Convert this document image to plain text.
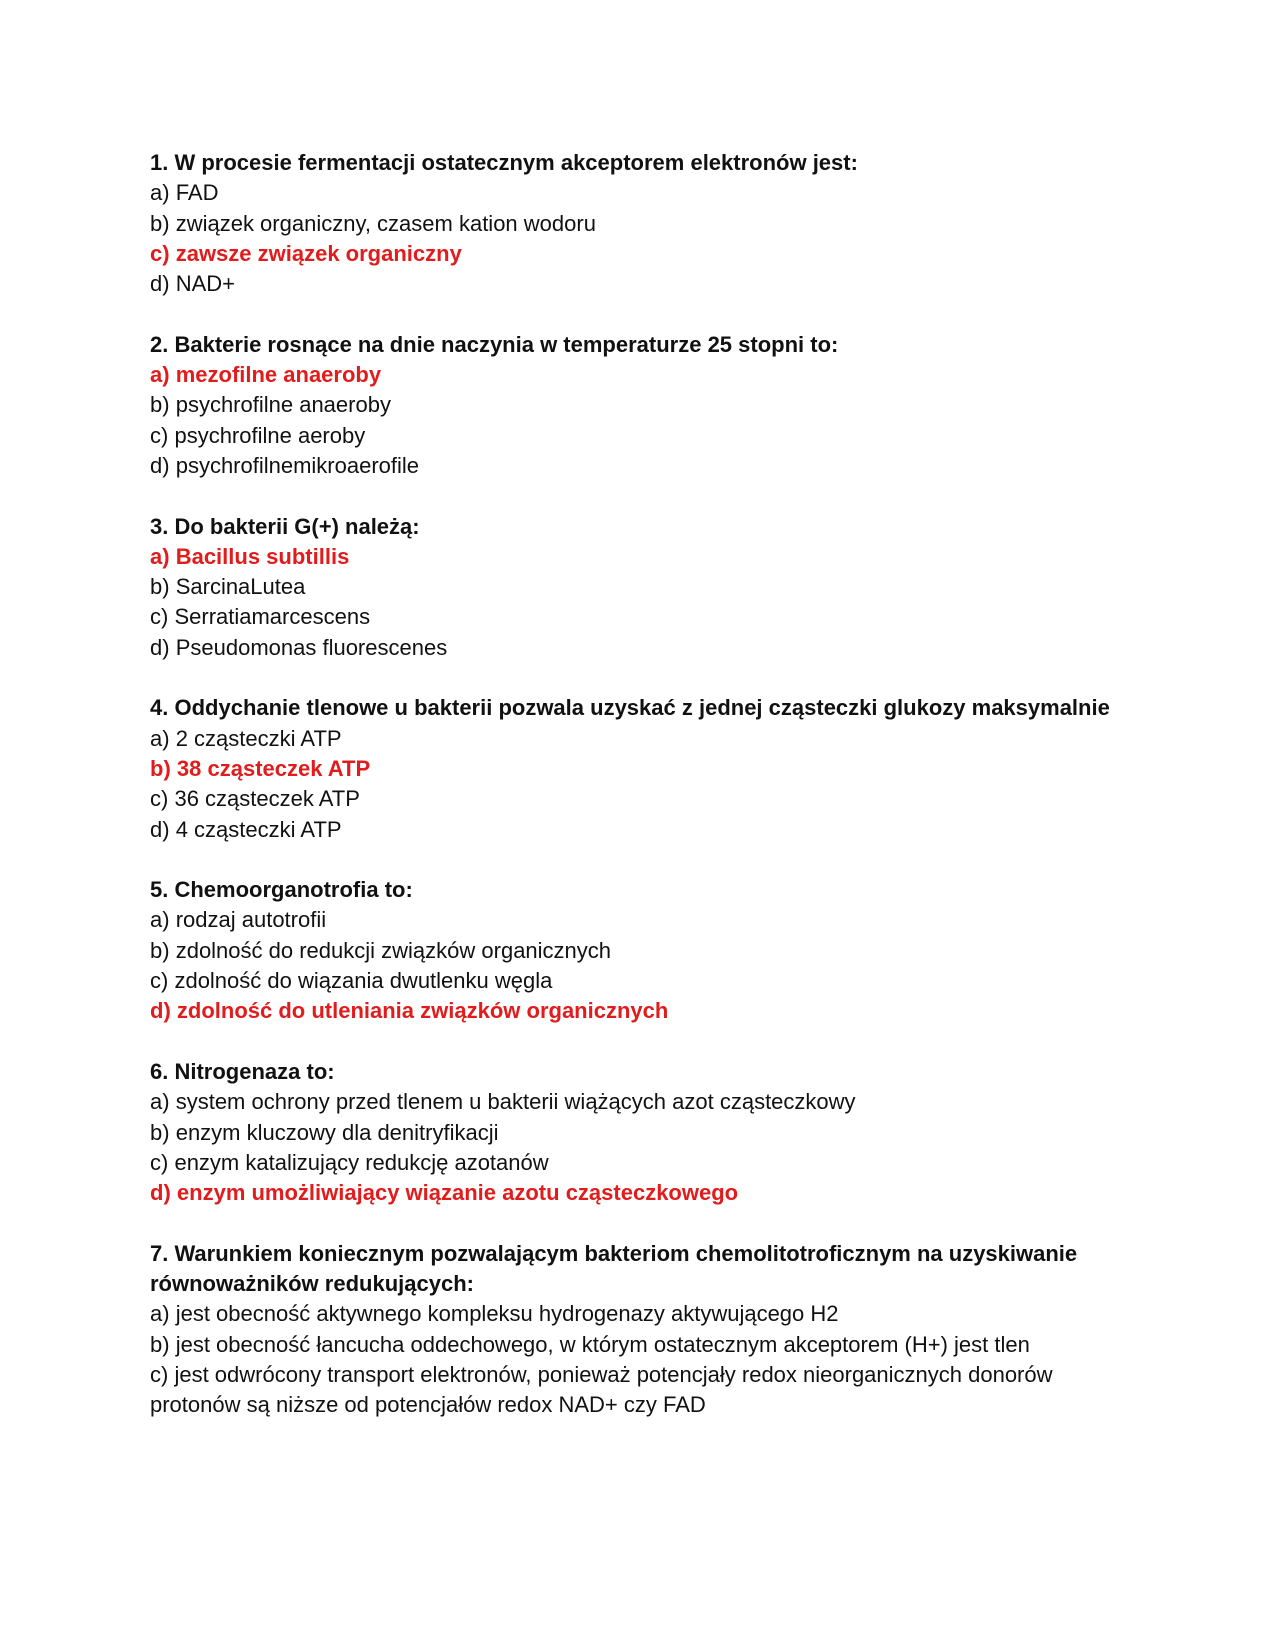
1. W procesie fermentacji ostatecznym akceptorem elektronów jest:

a ) FAD

b ) związek organiczny, czasem kation wodoru

c ) zawsze związek organiczny

d ) NAD+

2. Bakterie rosnące na dnie naczynia w temperaturze 25 stopni to:

a ) mezofilne anaeroby

b ) psychrofilne anaeroby

c ) psychrofilne aeroby

d ) psychrofilnemikroaerofile

3. Do bakterii G(+) należą:

a ) Bacillus subtillis

b ) SarcinaLutea

c ) Serratiamarcescens

d ) Pseudomonas fluorescenes

4. Oddychanie tlenowe u bakterii pozwala uzyskać z jednej cząsteczki glukozy maksymalnie

a ) 2 cząsteczki ATP

b ) 38 cząsteczek ATP

c ) 36 cząsteczek ATP

d ) 4 cząsteczki ATP

5. Chemoorganotrofia to:

a ) rodzaj autotrofii

b ) zdolność do redukcji związków organicznych

c ) zdolność do wiązania dwutlenku węgla

d ) zdolność do utleniania związków organicznych

6. Nitrogenaza to:

a ) system ochrony przed tlenem u bakterii wiążących azot cząsteczkowy

b ) enzym kluczowy dla denitryfikacji

c ) enzym katalizujący redukcję azotanów

d ) enzym umożliwiający wiązanie azotu cząsteczkowego

7. Warunkiem koniecznym pozwalającym bakteriom chemolitotroficznym na uzyskiwanie równoważników redukujących:

a ) jest obecność aktywnego kompleksu hydrogenazy aktywującego H2

b ) jest obecność łancucha oddechowego, w którym ostatecznym akceptorem (H+) jest tlen

c ) jest odwrócony transport elektronów, ponieważ potencjały redox nieorganicznych donorów protonów są niższe od potencjałów redox NAD+ czy FAD
